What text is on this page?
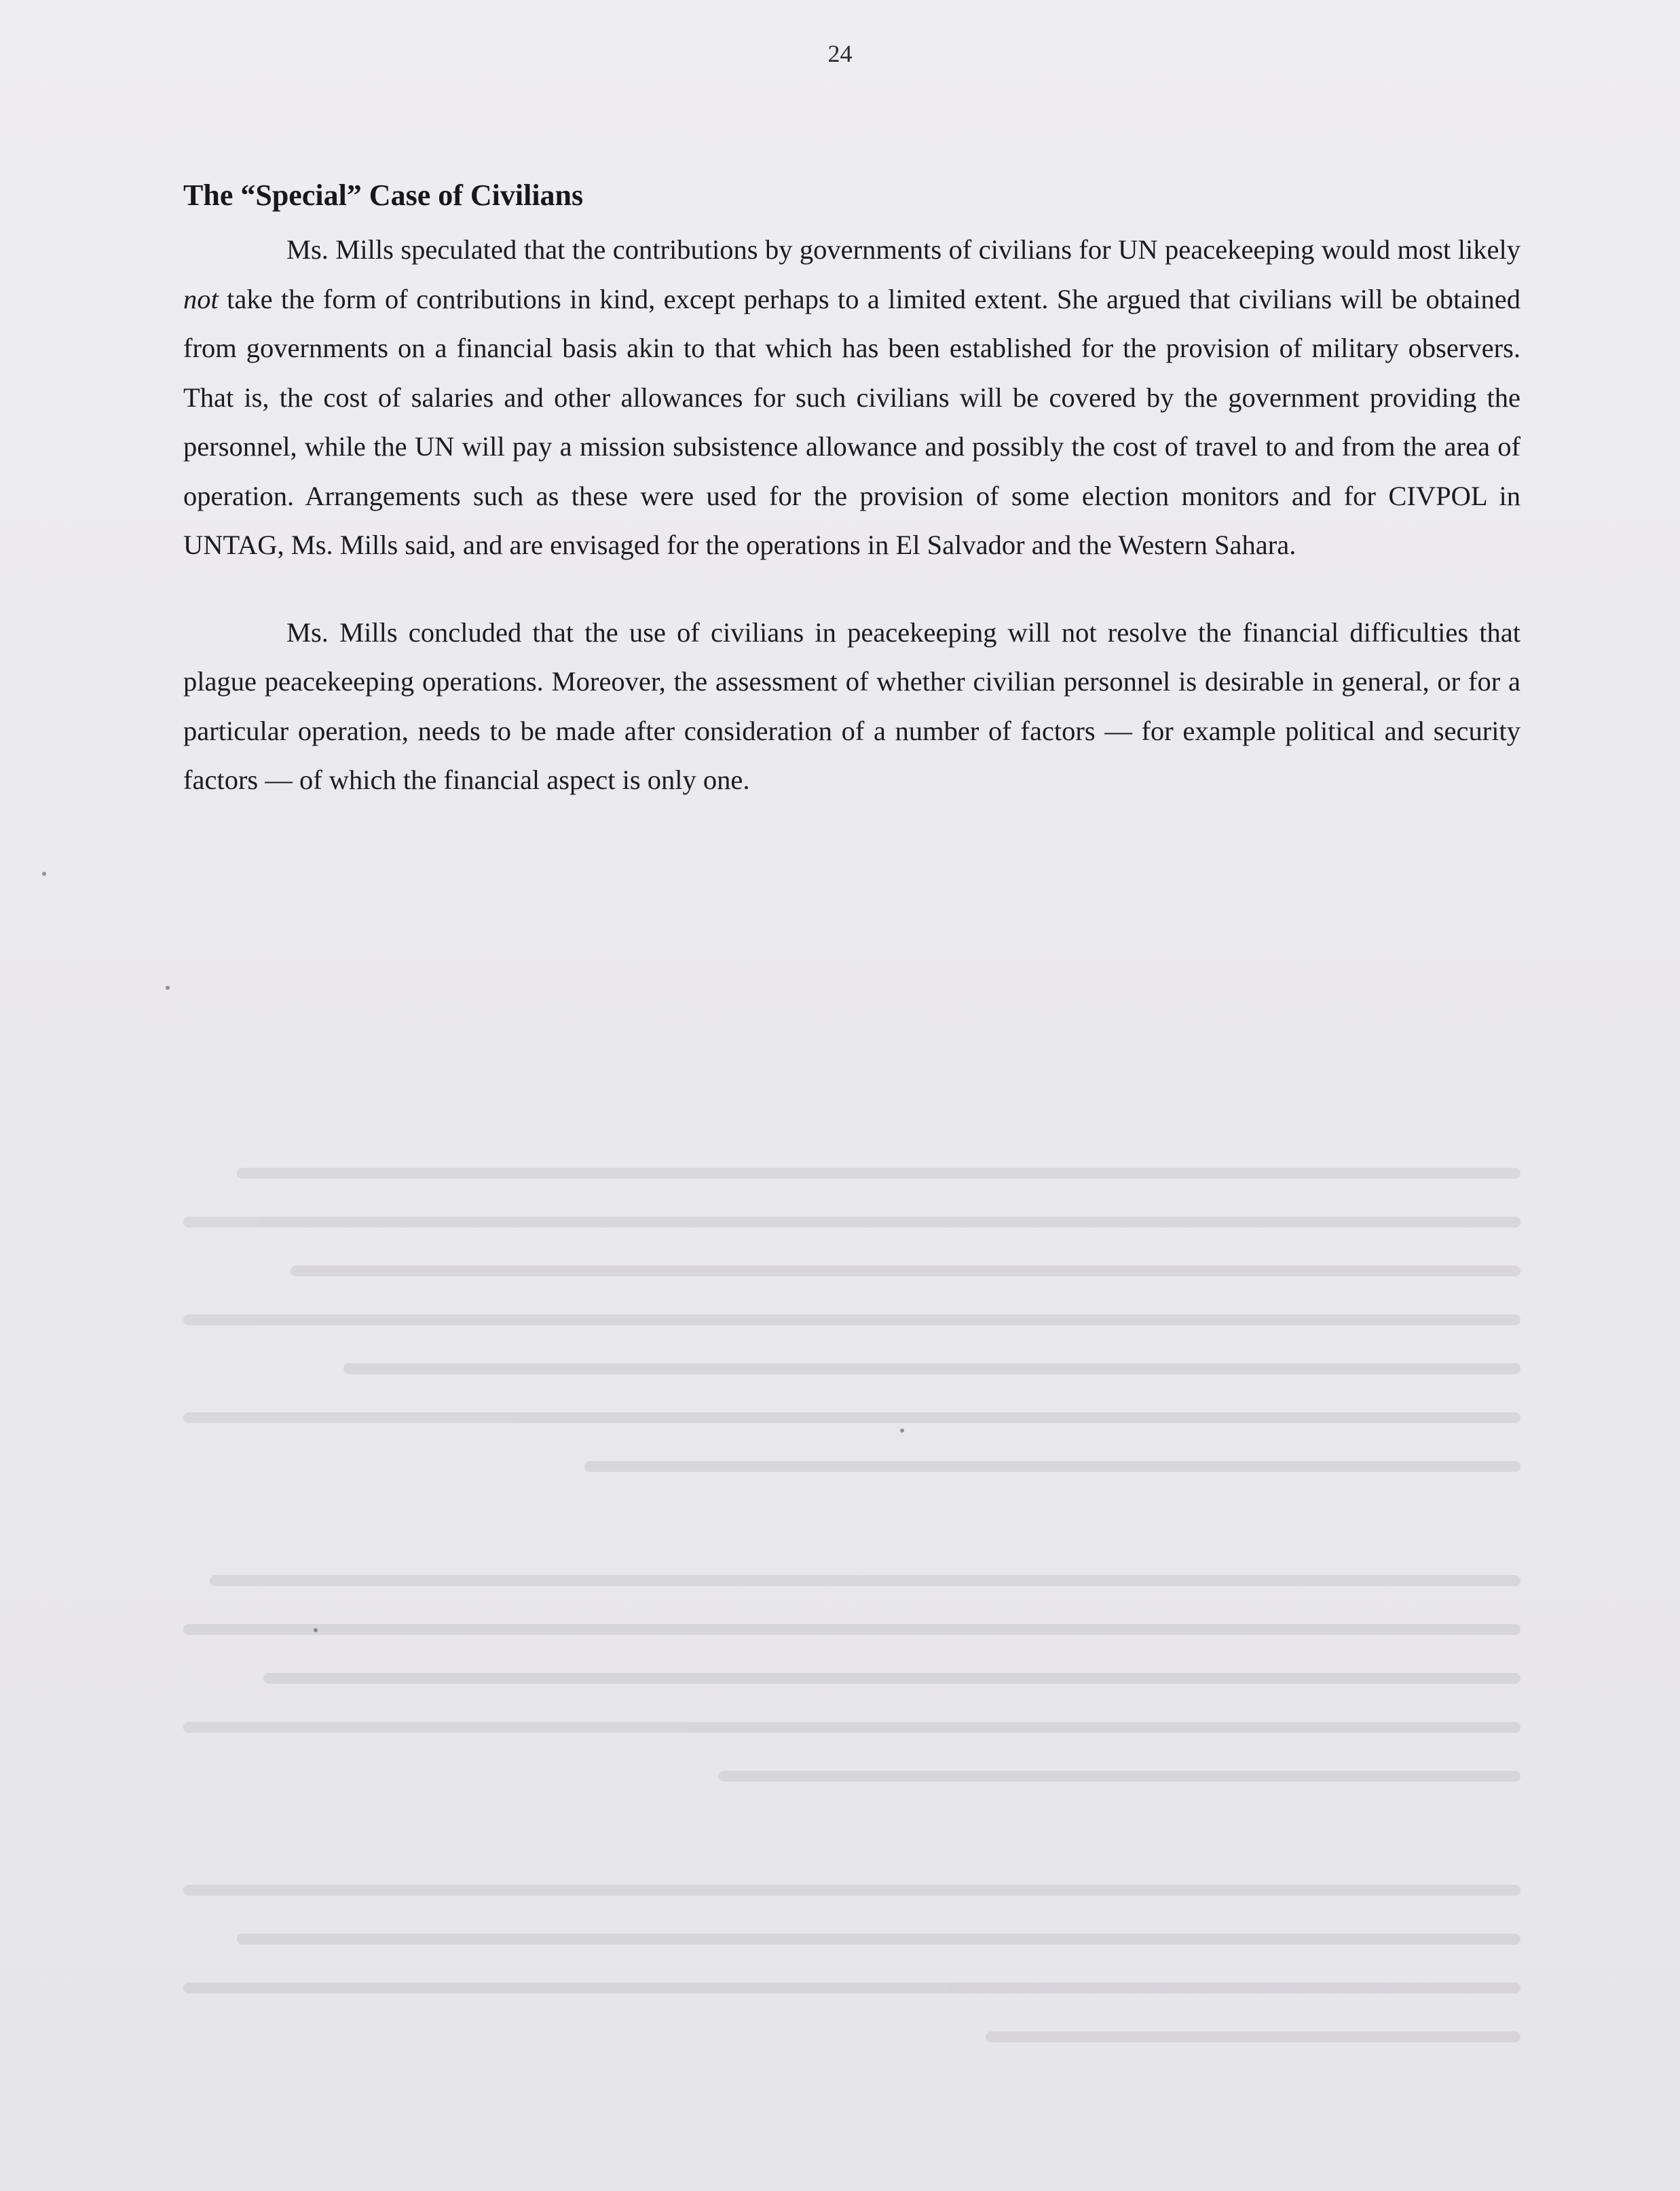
24
The “Special” Case of Civilians

Ms. Mills speculated that the contributions by governments of civilians for UN peacekeeping would most likely not take the form of contributions in kind, except perhaps to a limited extent. She argued that civilians will be obtained from governments on a financial basis akin to that which has been established for the provision of military observers. That is, the cost of salaries and other allowances for such civilians will be covered by the government providing the personnel, while the UN will pay a mission subsistence allowance and possibly the cost of travel to and from the area of operation. Arrangements such as these were used for the provision of some election monitors and for CIVPOL in UNTAG, Ms. Mills said, and are envisaged for the operations in El Salvador and the Western Sahara.

Ms. Mills concluded that the use of civilians in peacekeeping will not resolve the financial difficulties that plague peacekeeping operations. Moreover, the assessment of whether civilian personnel is desirable in general, or for a particular operation, needs to be made after consideration of a number of factors — for example political and security factors — of which the financial aspect is only one.
